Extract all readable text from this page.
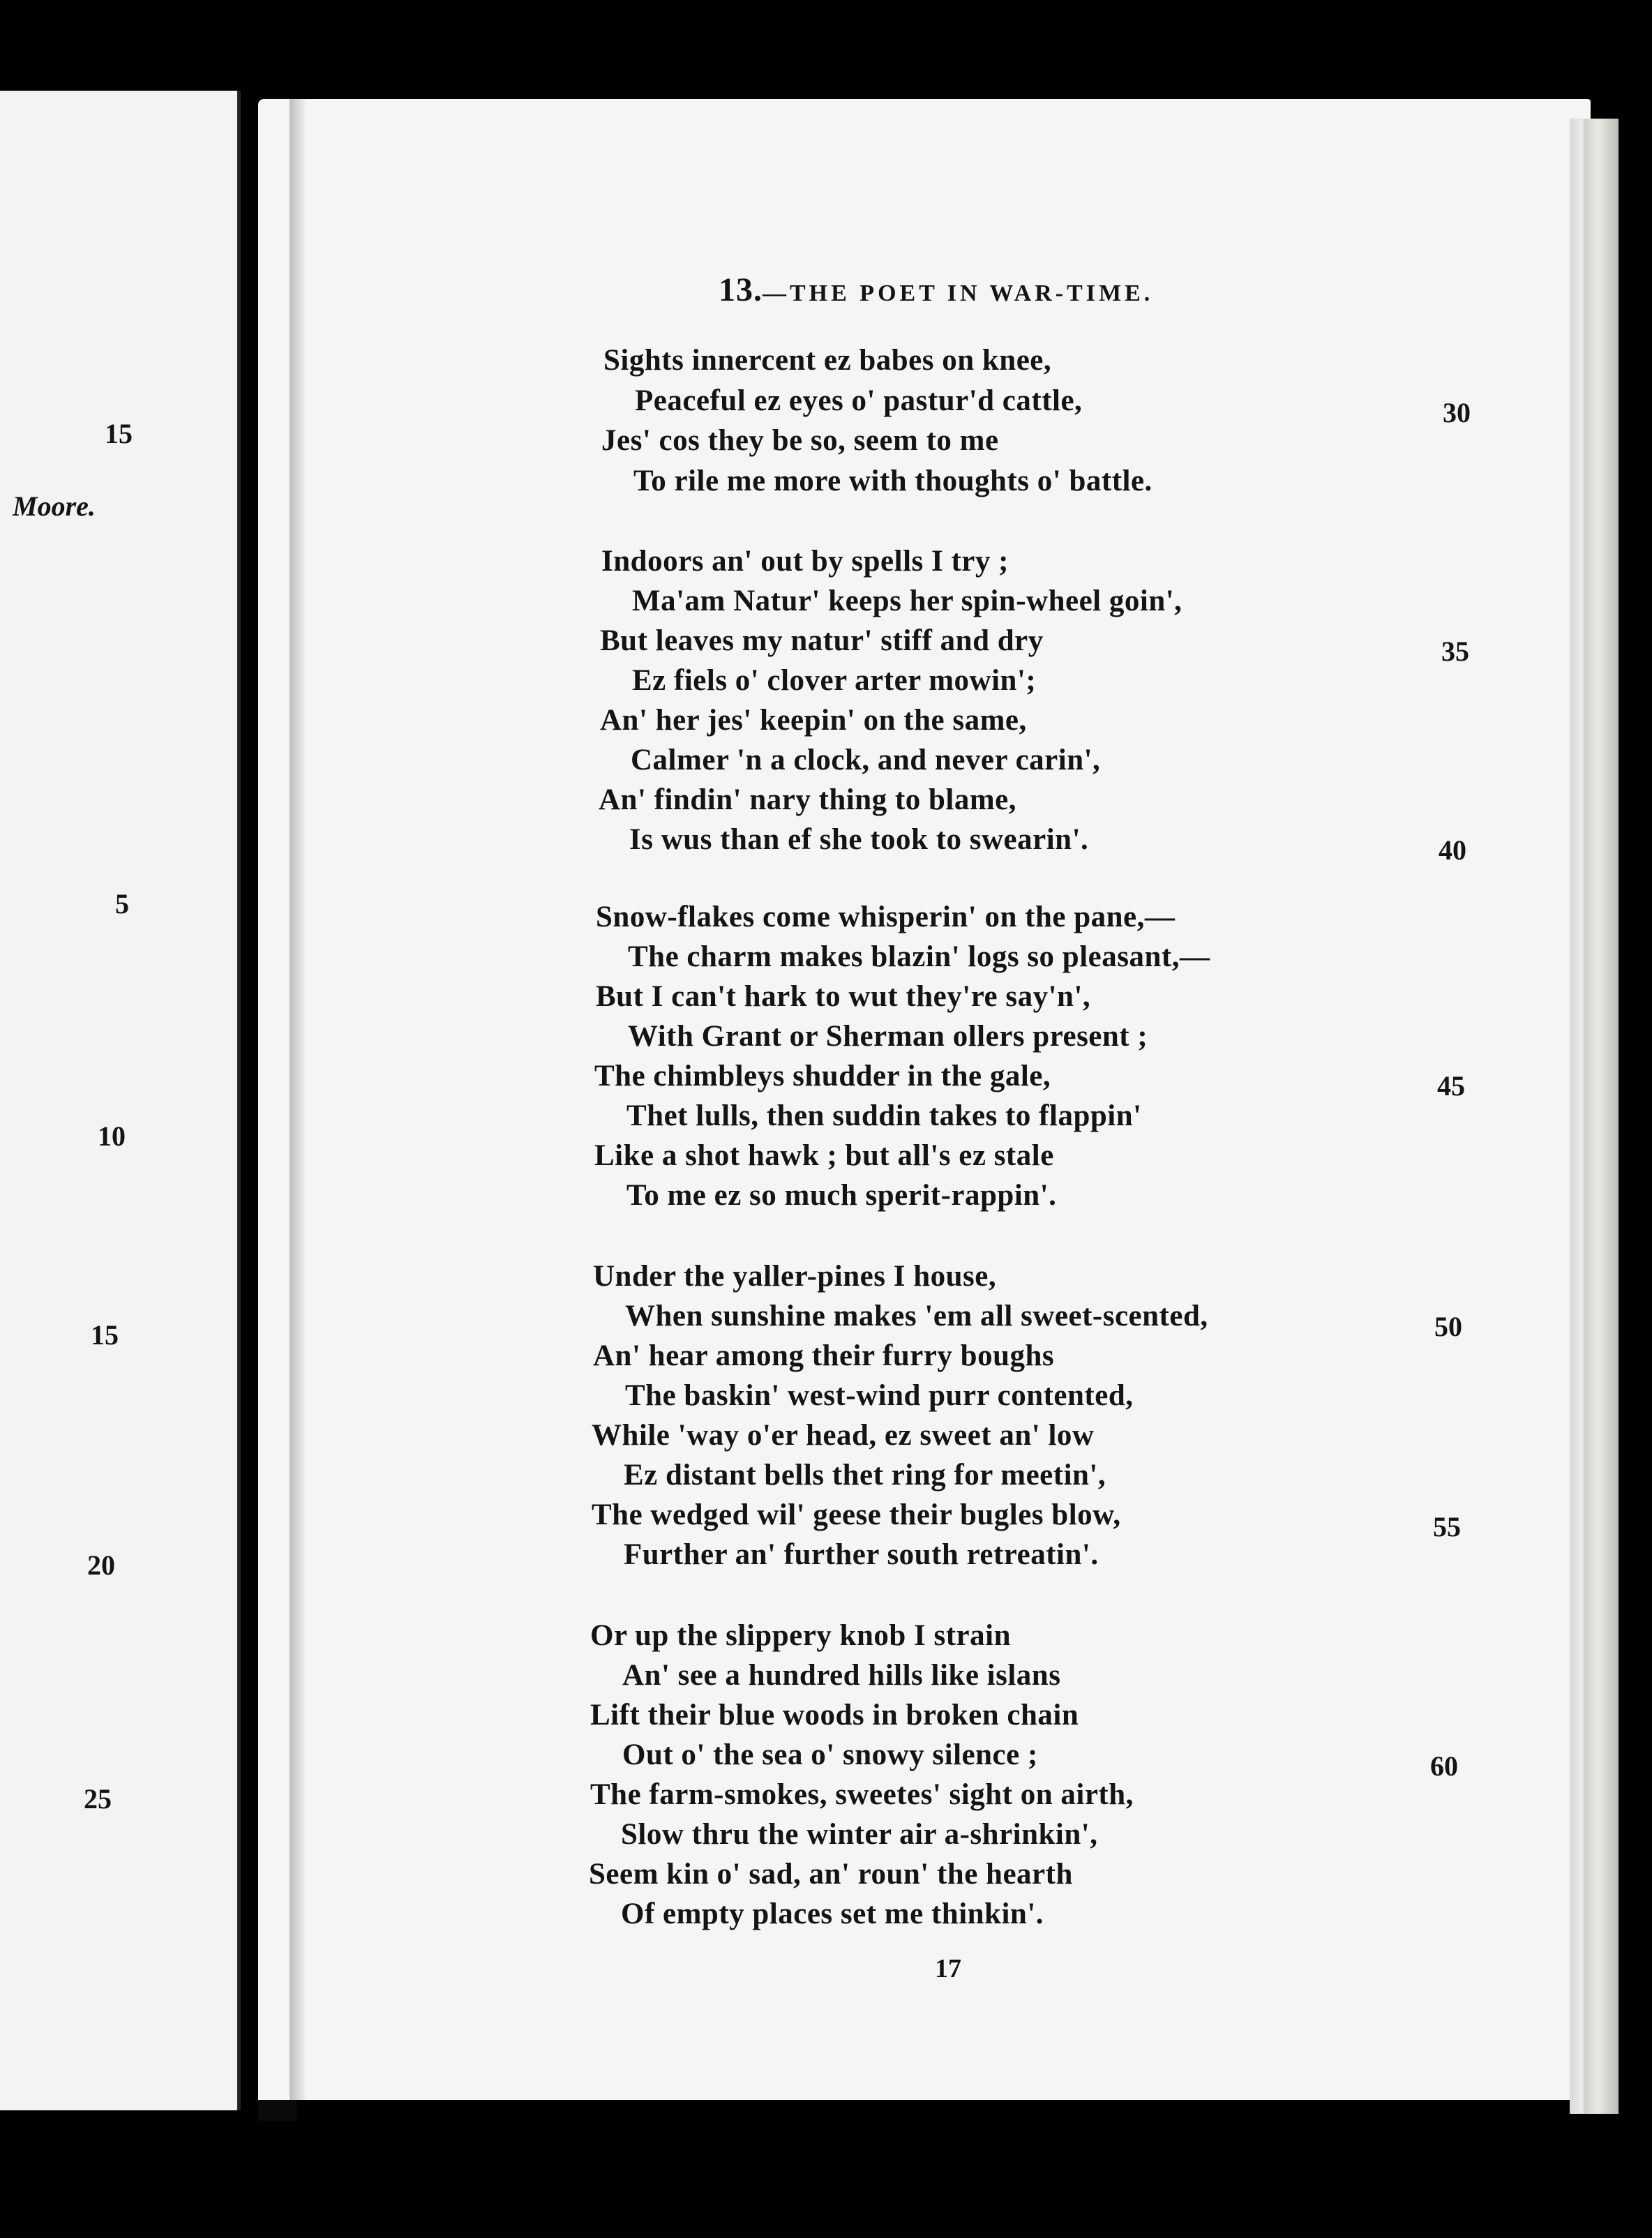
15
Moore.
5
10
15
20
25
13.—THE POET IN WAR-TIME.
Sights innercent ez babes on knee,
Peaceful ez eyes o' pastur'd cattle,
Jes' cos they be so, seem to me
To rile me more with thoughts o' battle.
Indoors an' out by spells I try ;
Ma'am Natur' keeps her spin-wheel goin',
But leaves my natur' stiff and dry
Ez fiels o' clover arter mowin';
An' her jes' keepin' on the same,
Calmer 'n a clock, and never carin',
An' findin' nary thing to blame,
Is wus than ef she took to swearin'.
Snow-flakes come whisperin' on the pane,—
The charm makes blazin' logs so pleasant,—
But I can't hark to wut they're say'n',
With Grant or Sherman ollers present ;
The chimbleys shudder in the gale,
Thet lulls, then suddin takes to flappin'
Like a shot hawk ; but all's ez stale
To me ez so much sperit-rappin'.
Under the yaller-pines I house,
When sunshine makes 'em all sweet-scented,
An' hear among their furry boughs
The baskin' west-wind purr contented,
While 'way o'er head, ez sweet an' low
Ez distant bells thet ring for meetin',
The wedged wil' geese their bugles blow,
Further an' further south retreatin'.
Or up the slippery knob I strain
An' see a hundred hills like islans
Lift their blue woods in broken chain
Out o' the sea o' snowy silence ;
The farm-smokes, sweetes' sight on airth,
Slow thru the winter air a-shrinkin',
Seem kin o' sad, an' roun' the hearth
Of empty places set me thinkin'.
30
35
40
45
50
55
60
17
